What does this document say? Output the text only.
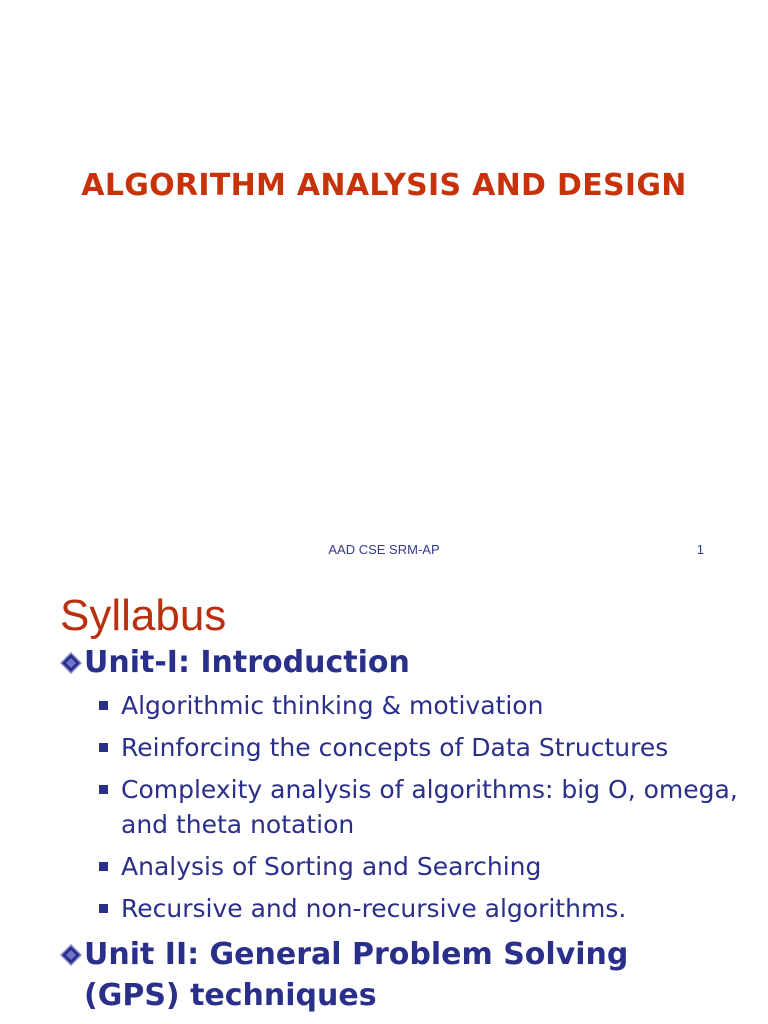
ALGORITHM ANALYSIS AND DESIGN
AAD CSE SRM-AP	1
Syllabus
Unit-I: Introduction
Algorithmic thinking & motivation
Reinforcing the concepts of Data Structures
Complexity analysis of algorithms: big O, omega, and theta notation
Analysis of Sorting and Searching
Recursive and non-recursive algorithms.
Unit II: General Problem Solving (GPS) techniques
